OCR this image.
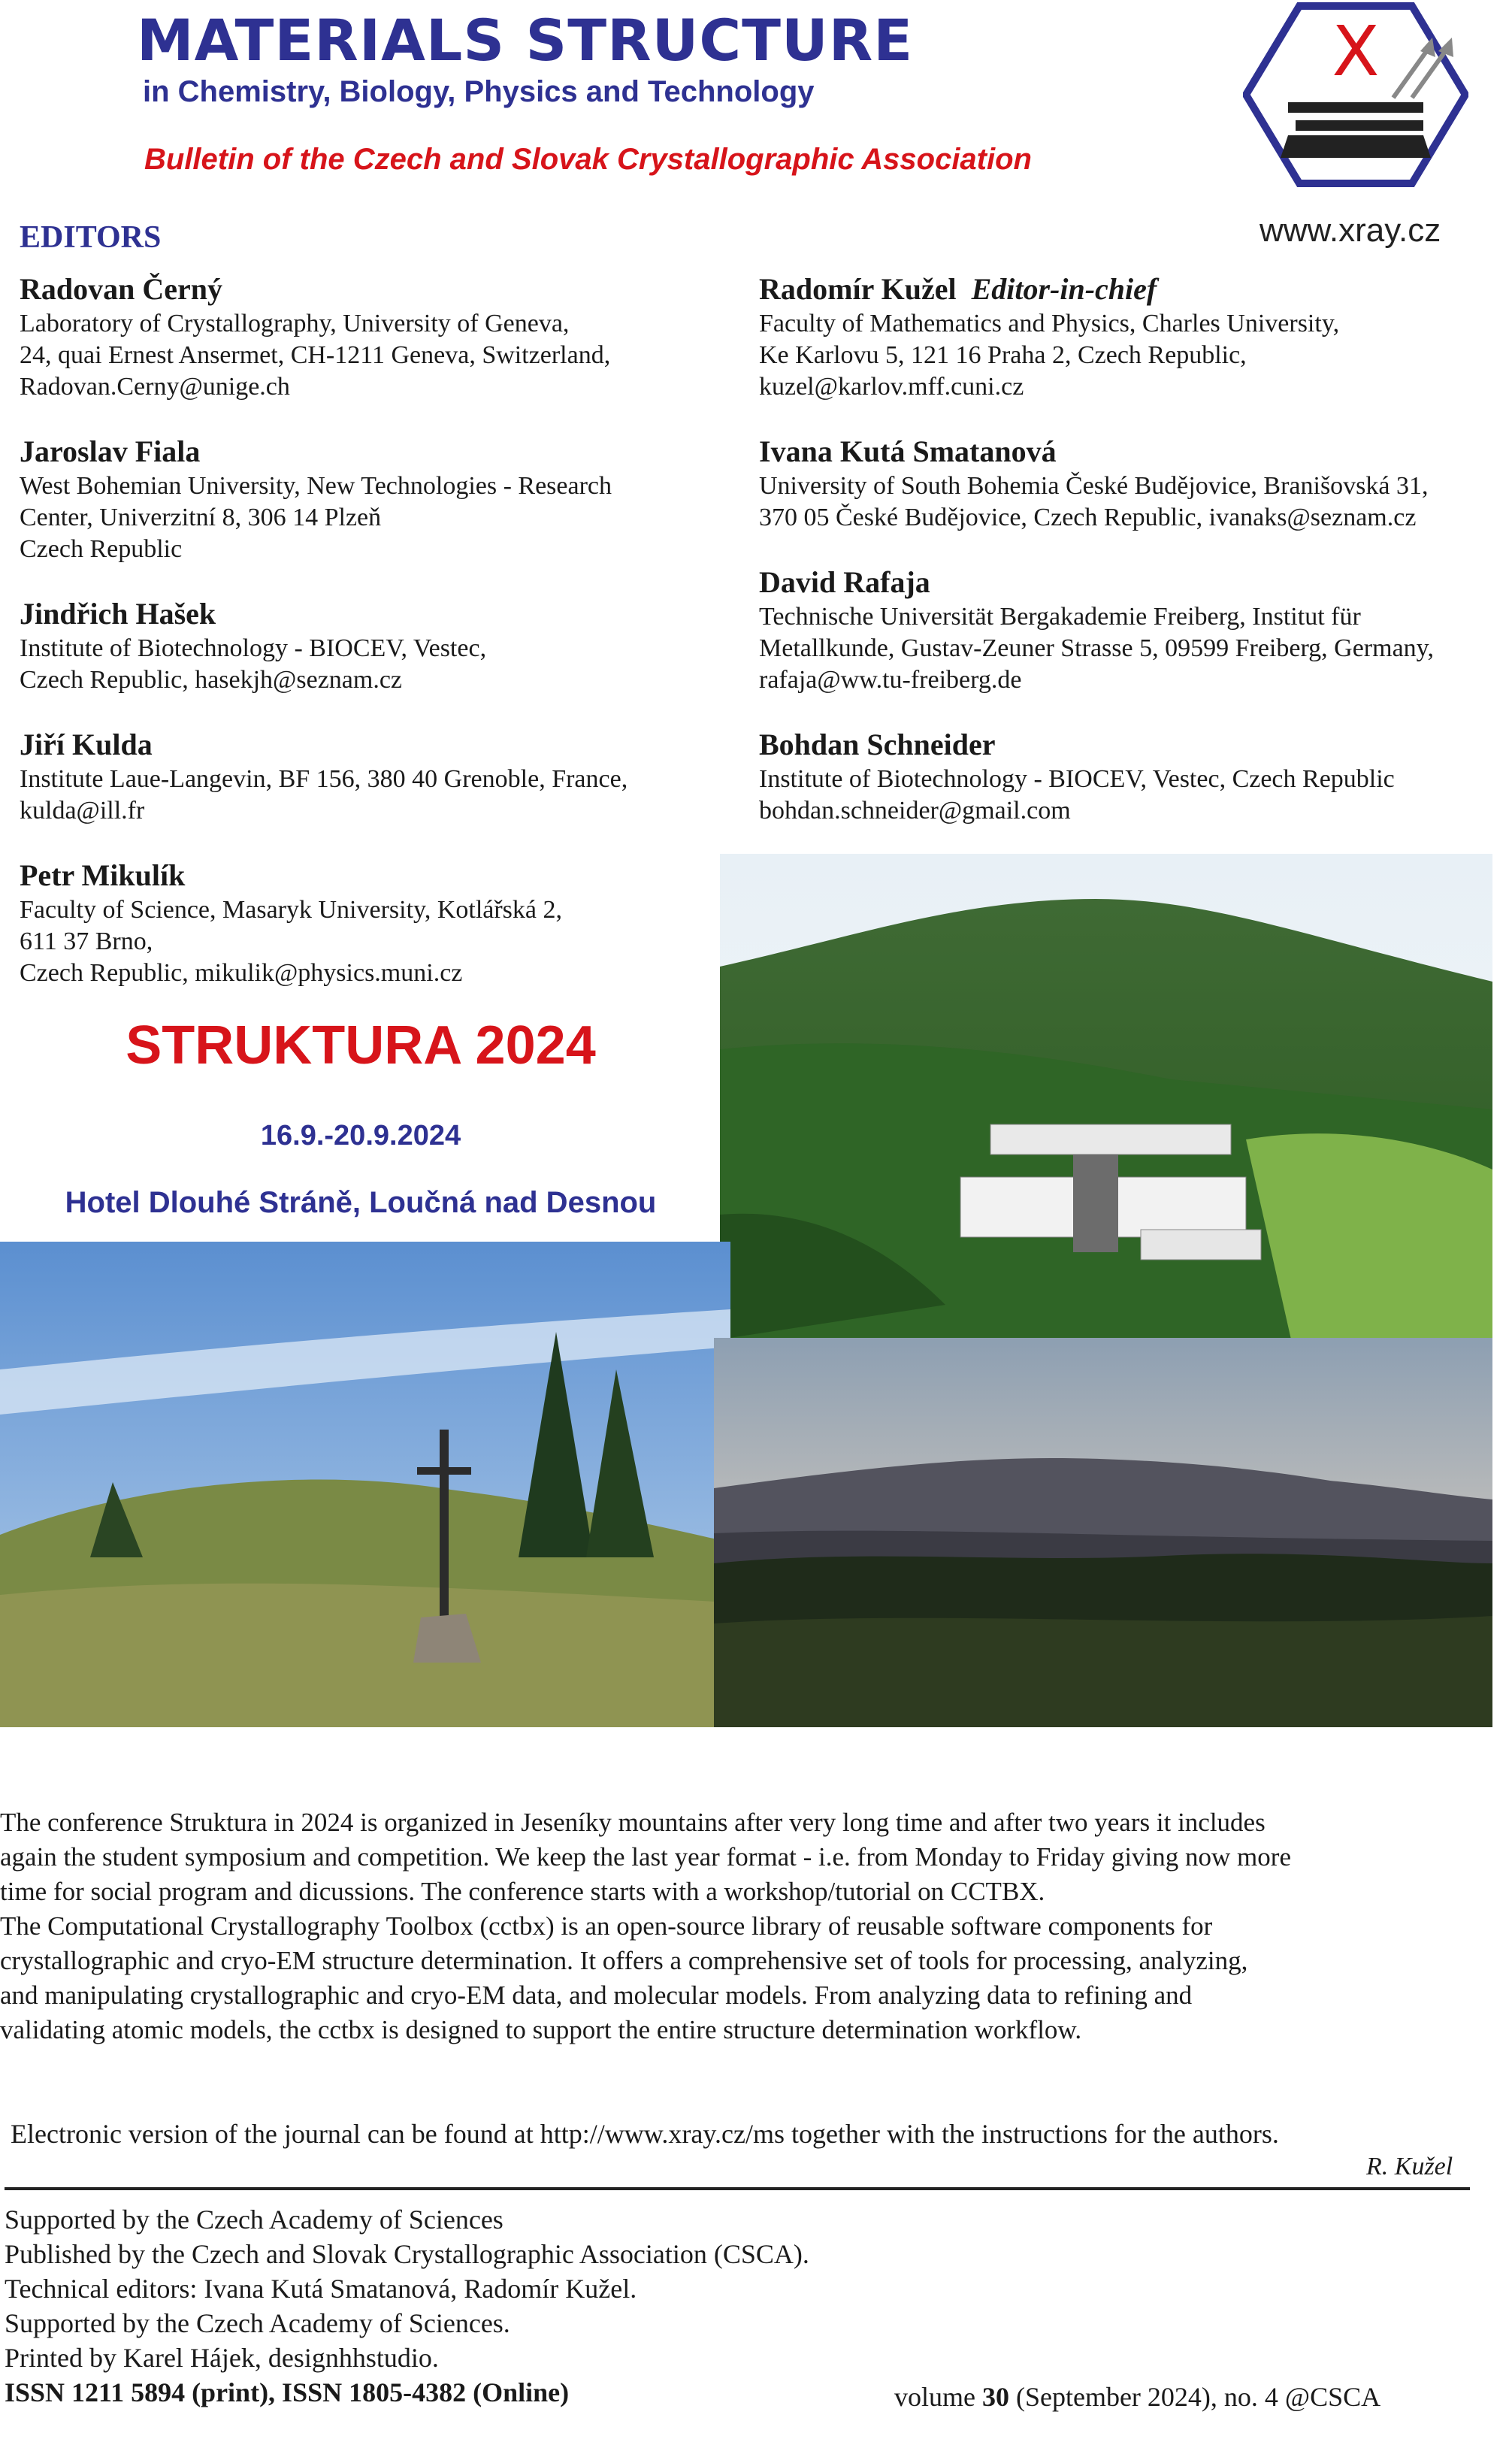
MATERIALS STRUCTURE
in Chemistry, Biology, Physics and Technology
Bulletin of the Czech and Slovak Crystallographic Association
X
www.xray.cz
EDITORS
Radovan Černý
Laboratory of Crystallography, University of Geneva,
24, quai Ernest Ansermet, CH-1211 Geneva, Switzerland,
Radovan.Cerny@unige.ch
Jaroslav Fiala
West Bohemian University, New Technologies - Research
Center, Univerzitní 8, 306 14 Plzeň
Czech Republic
Jindřich Hašek
Institute of Biotechnology - BIOCEV, Vestec,
Czech Republic, hasekjh@seznam.cz
Jiří Kulda
Institute Laue-Langevin, BF 156, 380 40 Grenoble, France,
kulda@ill.fr
Petr Mikulík
Faculty of Science, Masaryk University, Kotlářská 2,
611 37 Brno,
Czech Republic, mikulik@physics.muni.cz
Radomír Kužel Editor-in-chief
Faculty of Mathematics and Physics, Charles University,
Ke Karlovu 5, 121 16 Praha 2, Czech Republic,
kuzel@karlov.mff.cuni.cz
Ivana Kutá Smatanová
University of South Bohemia České Budějovice, Branišovská 31,
370 05 České Budějovice, Czech Republic, ivanaks@seznam.cz
David Rafaja
Technische Universität Bergakademie Freiberg, Institut für
Metallkunde, Gustav-Zeuner Strasse 5, 09599 Freiberg, Germany,
rafaja@ww.tu-freiberg.de
Bohdan Schneider
Institute of Biotechnology - BIOCEV, Vestec, Czech Republic
bohdan.schneider@gmail.com
STRUKTURA 2024
16.9.-20.9.2024
Hotel Dlouhé Stráně, Loučná nad Desnou
The conference Struktura in 2024 is organized in Jeseníky mountains after very long time and after two years it includes
again the student symposium and competition. We keep the last year format - i.e. from Monday to Friday giving now more
time for social program and dicussions. The conference starts with a workshop/tutorial on CCTBX.
The Computational Crystallography Toolbox (cctbx) is an open-source library of reusable software components for
crystallographic and cryo-EM structure determination. It offers a comprehensive set of tools for processing, analyzing,
and manipulating crystallographic and cryo-EM data, and molecular models. From analyzing data to refining and
validating atomic models, the cctbx is designed to support the entire structure determination workflow.
Electronic version of the journal can be found at http://www.xray.cz/ms together with the instructions for the authors.
R. Kužel
Supported by the Czech Academy of Sciences
Published by the Czech and Slovak Crystallographic Association (CSCA).
Technical editors: Ivana Kutá Smatanová, Radomír Kužel.
Supported by the Czech Academy of Sciences.
Printed by Karel Hájek, designhhstudio.
ISSN 1211 5894 (print), ISSN 1805-4382 (Online)	volume 30 (September 2024), no. 4 @CSCA
